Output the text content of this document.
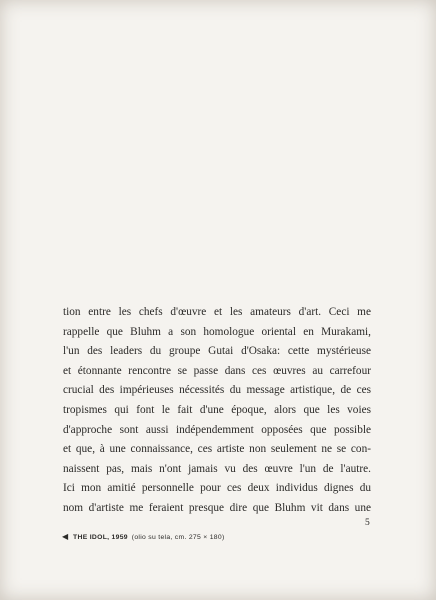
tion entre les chefs d'œuvre et les amateurs d'art. Ceci me
rappelle que Bluhm a son homologue oriental en Murakami,
l'un des leaders du groupe Gutai d'Osaka: cette mystérieuse
et étonnante rencontre se passe dans ces œuvres au carrefour
crucial des impérieuses nécessités du message artistique, de ces
tropismes qui font le fait d'une époque, alors que les voies
d'approche sont aussi indépendemment opposées que possible
et que, à une connaissance, ces artiste non seulement ne se con-
naissent pas, mais n'ont jamais vu des œuvre l'un de l'autre.
Ici mon amitié personnelle pour ces deux individus dignes du
nom d'artiste me feraient presque dire que Bluhm vit dans une
5
◀ THE IDOL, 1959 (olio su tela, cm. 275 × 180)
